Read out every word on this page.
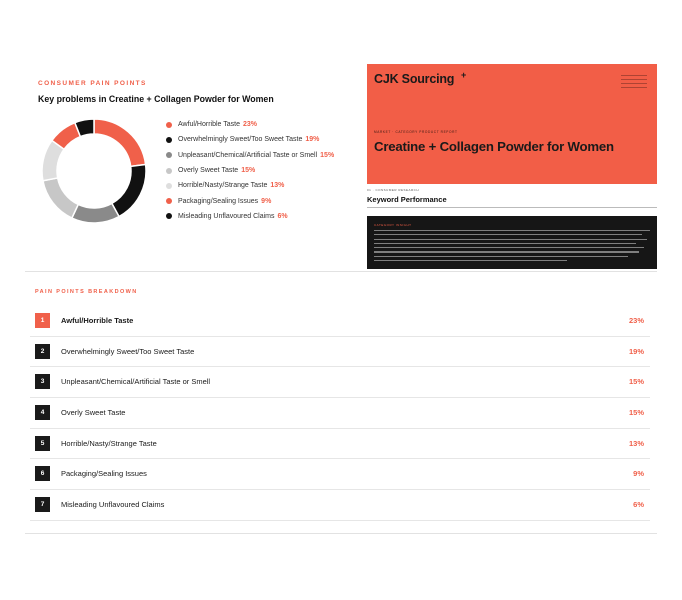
CONSUMER PAIN POINTS
Key problems in Creatine + Collagen Powder for Women
Awful/Horrible Taste 23%
Overwhelmingly Sweet/Too Sweet Taste 19%
Unpleasant/Chemical/Artificial Taste or Smell 15%
Overly Sweet Taste 15%
Horrible/Nasty/Strange Taste 13%
Packaging/Sealing Issues 9%
Misleading Unflavoured Claims 6%
CJK Sourcing +
MARKET · CATEGORY PRODUCT REPORT
Creatine + Collagen Powder for Women
01 · CONSUMER RESEARCH
Keyword Performance
CATEGORY INSIGHT
PAIN POINTS BREAKDOWN
1	Awful/Horrible Taste	23%
2	Overwhelmingly Sweet/Too Sweet Taste	19%
3	Unpleasant/Chemical/Artificial Taste or Smell	15%
4	Overly Sweet Taste	15%
5	Horrible/Nasty/Strange Taste	13%
6	Packaging/Sealing Issues	9%
7	Misleading Unflavoured Claims	6%
